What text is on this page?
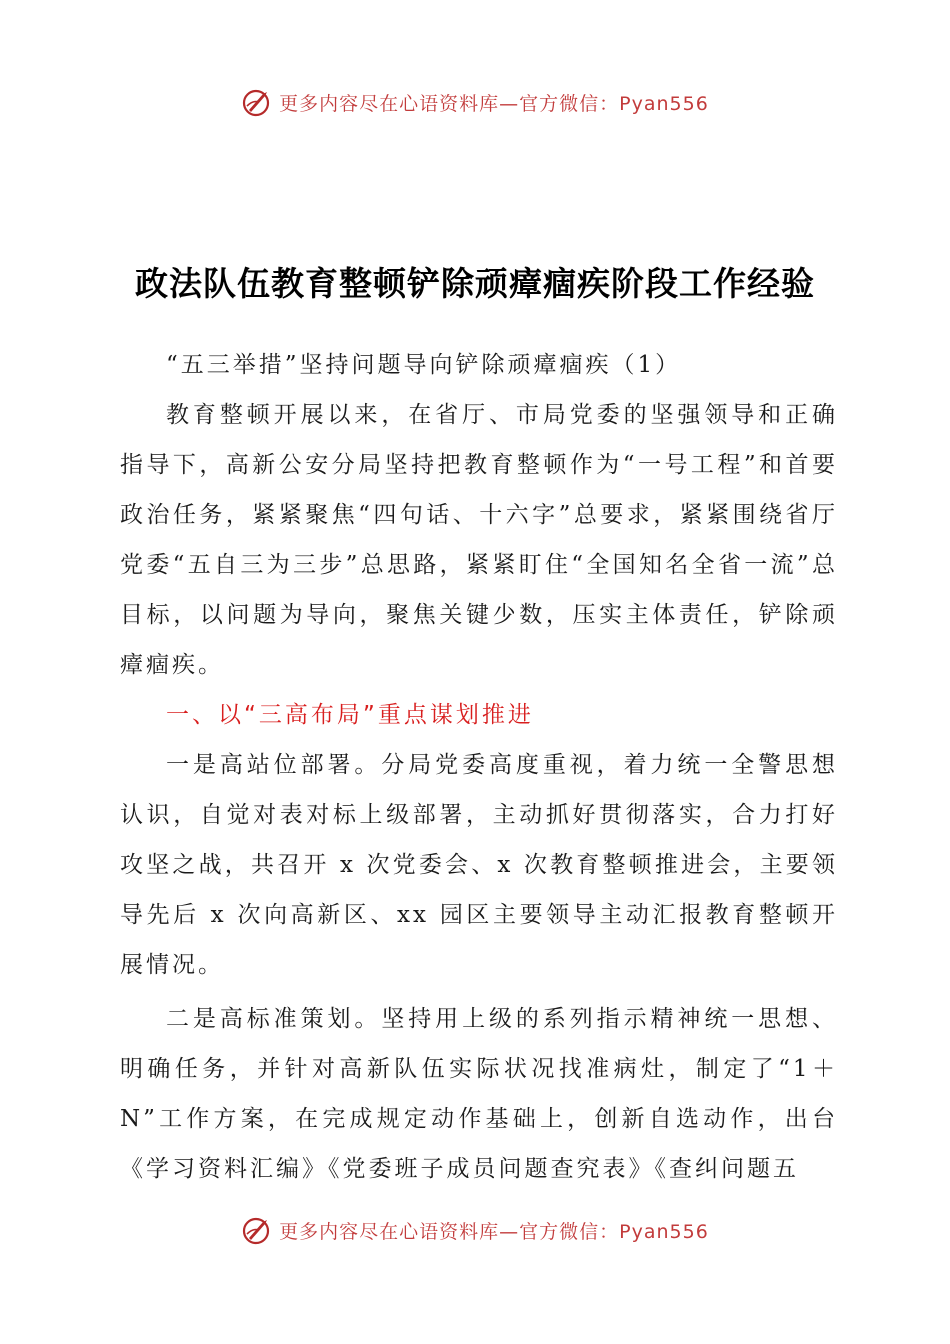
更多内容尽在心语资料库—官方微信：Pyan556
政法队伍教育整顿铲除顽瘴痼疾阶段工作经验

“五三举措”坚持问题导向铲除顽瘴痼疾（1）

教育整顿开展以来，在省厅、市局党委的坚强领导和正确指导下，高新公安分局坚持把教育整顿作为“一号工程”和首要政治任务，紧紧聚焦“四句话、十六字”总要求，紧紧围绕省厅党委“五自三为三步”总思路，紧紧盯住“全国知名全省一流”总目标，以问题为导向，聚焦关键少数，压实主体责任，铲除顽瘴痼疾。

一、以“三高布局”重点谋划推进

一是高站位部署。分局党委高度重视，着力统一全警思想认识，自觉对表对标上级部署，主动抓好贯彻落实，合力打好攻坚之战，共召开 x 次党委会、x 次教育整顿推进会，主要领导先后 x 次向高新区、xx 园区主要领导主动汇报教育整顿开展情况。

二是高标准策划。坚持用上级的系列指示精神统一思想、明确任务，并针对高新队伍实际状况找准病灶，制定了“1＋N”工作方案，在完成规定动作基础上，创新自选动作，出台《学习资料汇编》《党委班子成员问题查究表》《查纠问题五

更多内容尽在心语资料库—官方微信：Pyan556
